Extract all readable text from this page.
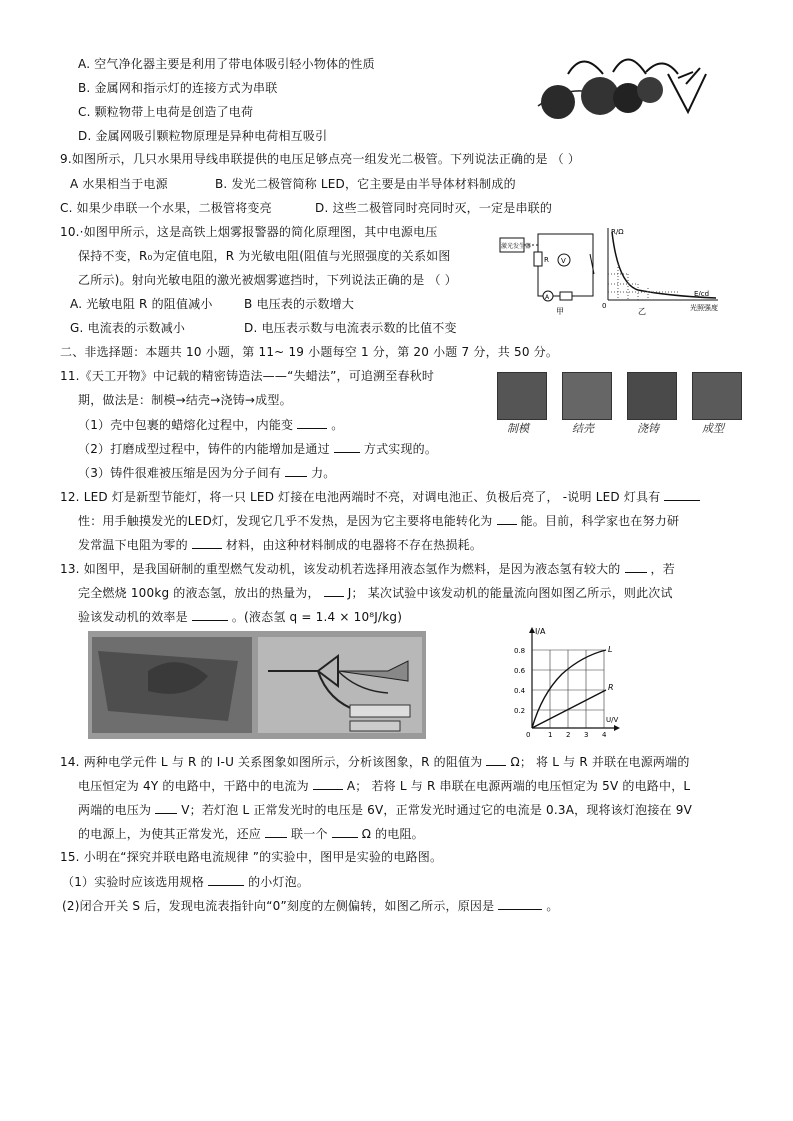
A. 空气净化器主要是利用了带电体吸引轻小物体的性质
B. 金属网和指示灯的连接方式为串联
C. 颗粒物带上电荷是创造了电荷
D. 金属网吸引颗粒物原理是异种电荷相互吸引
9.如图所示，几只水果用导线串联提供的电压足够点亮一组发光二极管。下列说法正确的是 （ ）
A 水果相当于电源	B. 发光二极管简称 LED，它主要是由半导体材料制成的
C. 如果少串联一个水果，二极管将变亮	D. 这些二极管同时亮同时灭，一定是串联的
10.·如图甲所示，这是高铁上烟雾报警器的简化原理图，其中电源电压
保持不变，R₀为定值电阻，R 为光敏电阻(阻值与光照强度的关系如图
乙所示)。射向光敏电阻的激光被烟雾遮挡时，下列说法正确的是 （ ）
A. 光敏电阻 R 的阻值减小	B 电压表的示数增大
G. 电流表的示数减小	D. 电压表示数与电流表示数的比值不变
激光发生器
R V
A
甲
R/Ω
E/cd
光照强度
0
乙
二、非选择题：本题共 10 小题，第 11~ 19 小题每空 1 分，第 20 小题 7 分，共 50 分。
11.《天工开物》中记载的精密铸造法——“失蜡法”，可追溯至春秋时
期，做法是：制模→结壳→浇铸→成型。
（1）壳中包裹的蜡熔化过程中，内能变	。
（2）打磨成型过程中，铸件的内能增加是通过	方式实现的。
（3）铸件很难被压缩是因为分子间有	力。
制模	结壳	浇铸	成型
12. LED 灯是新型节能灯，将一只 LED 灯接在电池两端时不亮，对调电池正、负极后亮了， -说明 LED 灯具有
性：用手触摸发光的LED灯，发现它几乎不发热，是因为它主要将电能转化为 能。目前，科学家也在努力研
发常温下电阻为零的	材料，由这种材料制成的电器将不存在热损耗。
13. 如图甲，是我国研制的重型燃气发动机，该发动机若选择用液态氢作为燃料，是因为液态氢有较大的	，若
完全燃烧 100kg 的液态氢，放出的热量为， J； 某次试验中该发动机的能量流向图如图乙所示，则此次试
验该发动机的效率是	。(液态氢 q = 1.4 × 10⁸J/kg)
I/A
U/V
0.8
0.6
0.4
0.2
0	1 2 3 4
L
R
14. 两种电学元件 L 与 R 的 I-U 关系图象如图所示，分析该图象，R 的阻值为 Ω； 将 L 与 R 并联在电源两端的
电压恒定为 4Y 的电路中，干路中的电流为	A； 若将 L 与 R 串联在电源两端的电压恒定为 5V 的电路中，L
两端的电压为	V；若灯泡 L 正常发光时的电压是 6V，正常发光时通过它的电流是 0.3A，现将该灯泡接在 9V
的电源上，为使其正常发光，还应	联一个	Ω 的电阻。
15. 小明在“探究并联电路电流规律 ”的实验中，图甲是实验的电路图。
（1）实验时应该选用规格	的小灯泡。
(2)闭合开关 S 后，发现电流表指针向“0”刻度的左侧偏转，如图乙所示，原因是	。
